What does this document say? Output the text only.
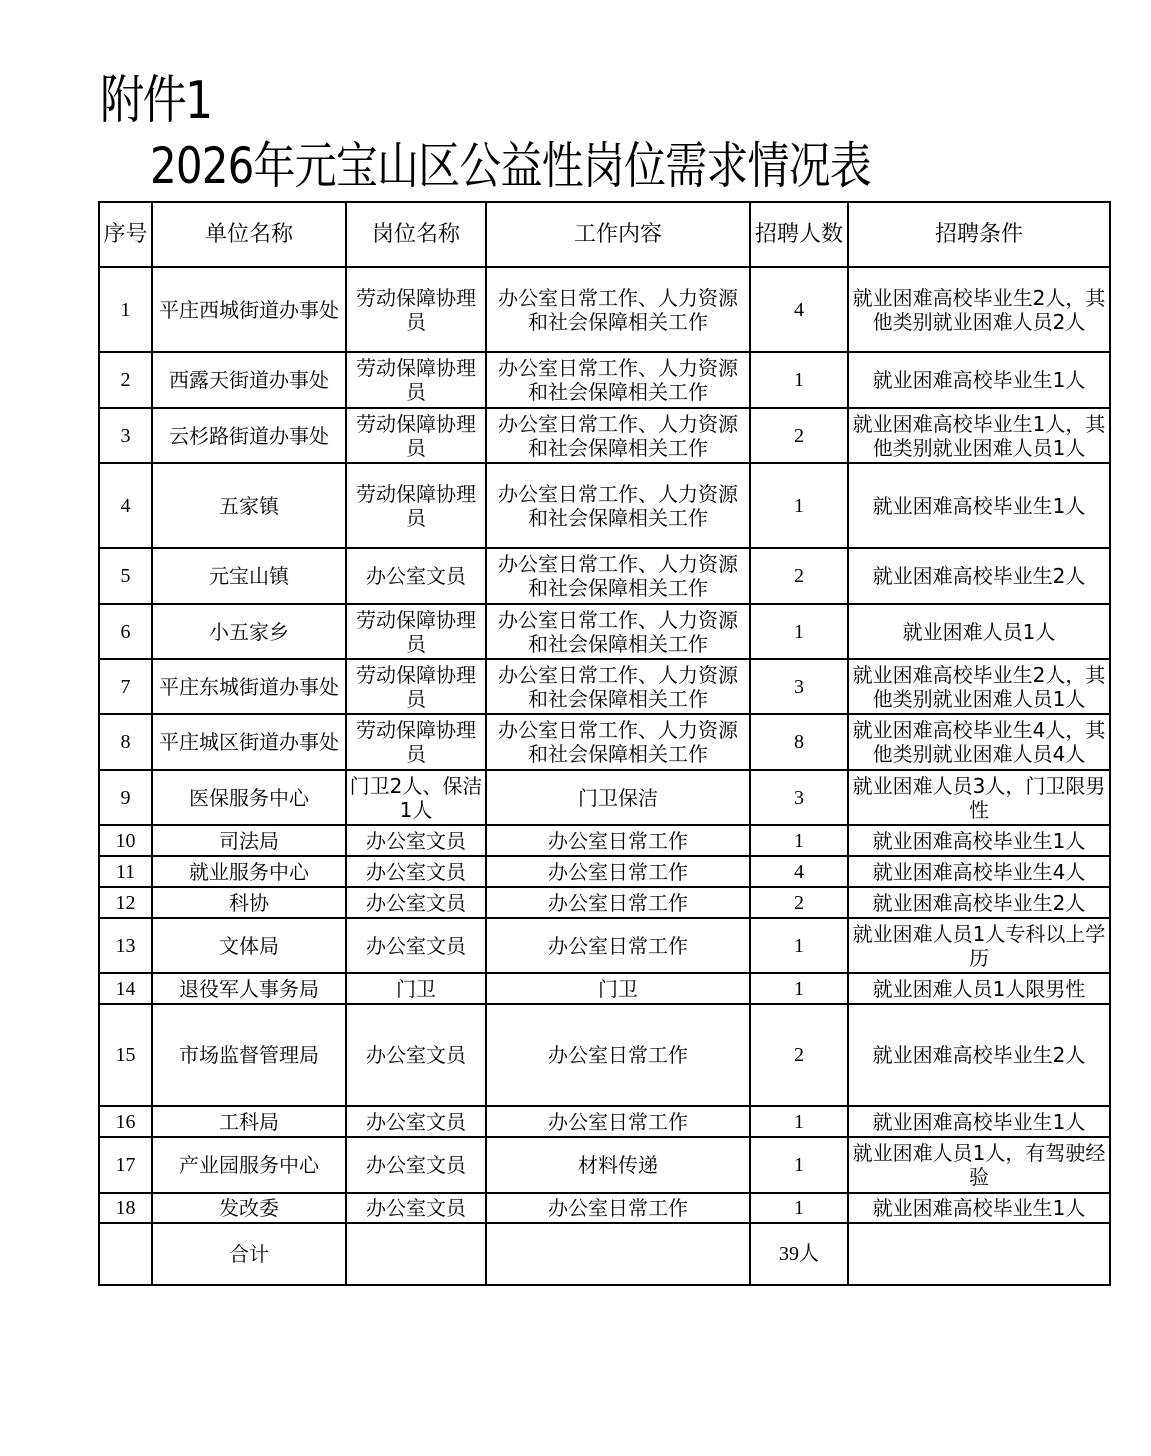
附件1
2026年元宝山区公益性岗位需求情况表
序号	单位名称	岗位名称	工作内容	招聘人数	招聘条件
1	平庄西城街道办事处	劳动保障协理员	办公室日常工作、人力资源和社会保障相关工作	4	就业困难高校毕业生2人，其他类别就业困难人员2人
2	西露天街道办事处	劳动保障协理员	办公室日常工作、人力资源和社会保障相关工作	1	就业困难高校毕业生1人
3	云杉路街道办事处	劳动保障协理员	办公室日常工作、人力资源和社会保障相关工作	2	就业困难高校毕业生1人，其他类别就业困难人员1人
4	五家镇	劳动保障协理员	办公室日常工作、人力资源和社会保障相关工作	1	就业困难高校毕业生1人
5	元宝山镇	办公室文员	办公室日常工作、人力资源和社会保障相关工作	2	就业困难高校毕业生2人
6	小五家乡	劳动保障协理员	办公室日常工作、人力资源和社会保障相关工作	1	就业困难人员1人
7	平庄东城街道办事处	劳动保障协理员	办公室日常工作、人力资源和社会保障相关工作	3	就业困难高校毕业生2人，其他类别就业困难人员1人
8	平庄城区街道办事处	劳动保障协理员	办公室日常工作、人力资源和社会保障相关工作	8	就业困难高校毕业生4人，其他类别就业困难人员4人
9	医保服务中心	门卫2人、保洁1人	门卫保洁	3	就业困难人员3人，门卫限男性
10	司法局	办公室文员	办公室日常工作	1	就业困难高校毕业生1人
11	就业服务中心	办公室文员	办公室日常工作	4	就业困难高校毕业生4人
12	科协	办公室文员	办公室日常工作	2	就业困难高校毕业生2人
13	文体局	办公室文员	办公室日常工作	1	就业困难人员1人专科以上学历
14	退役军人事务局	门卫	门卫	1	就业困难人员1人限男性
15	市场监督管理局	办公室文员	办公室日常工作	2	就业困难高校毕业生2人
16	工科局	办公室文员	办公室日常工作	1	就业困难高校毕业生1人
17	产业园服务中心	办公室文员	材料传递	1	就业困难人员1人，有驾驶经验
18	发改委	办公室文员	办公室日常工作	1	就业困难高校毕业生1人
	合计			39人	
